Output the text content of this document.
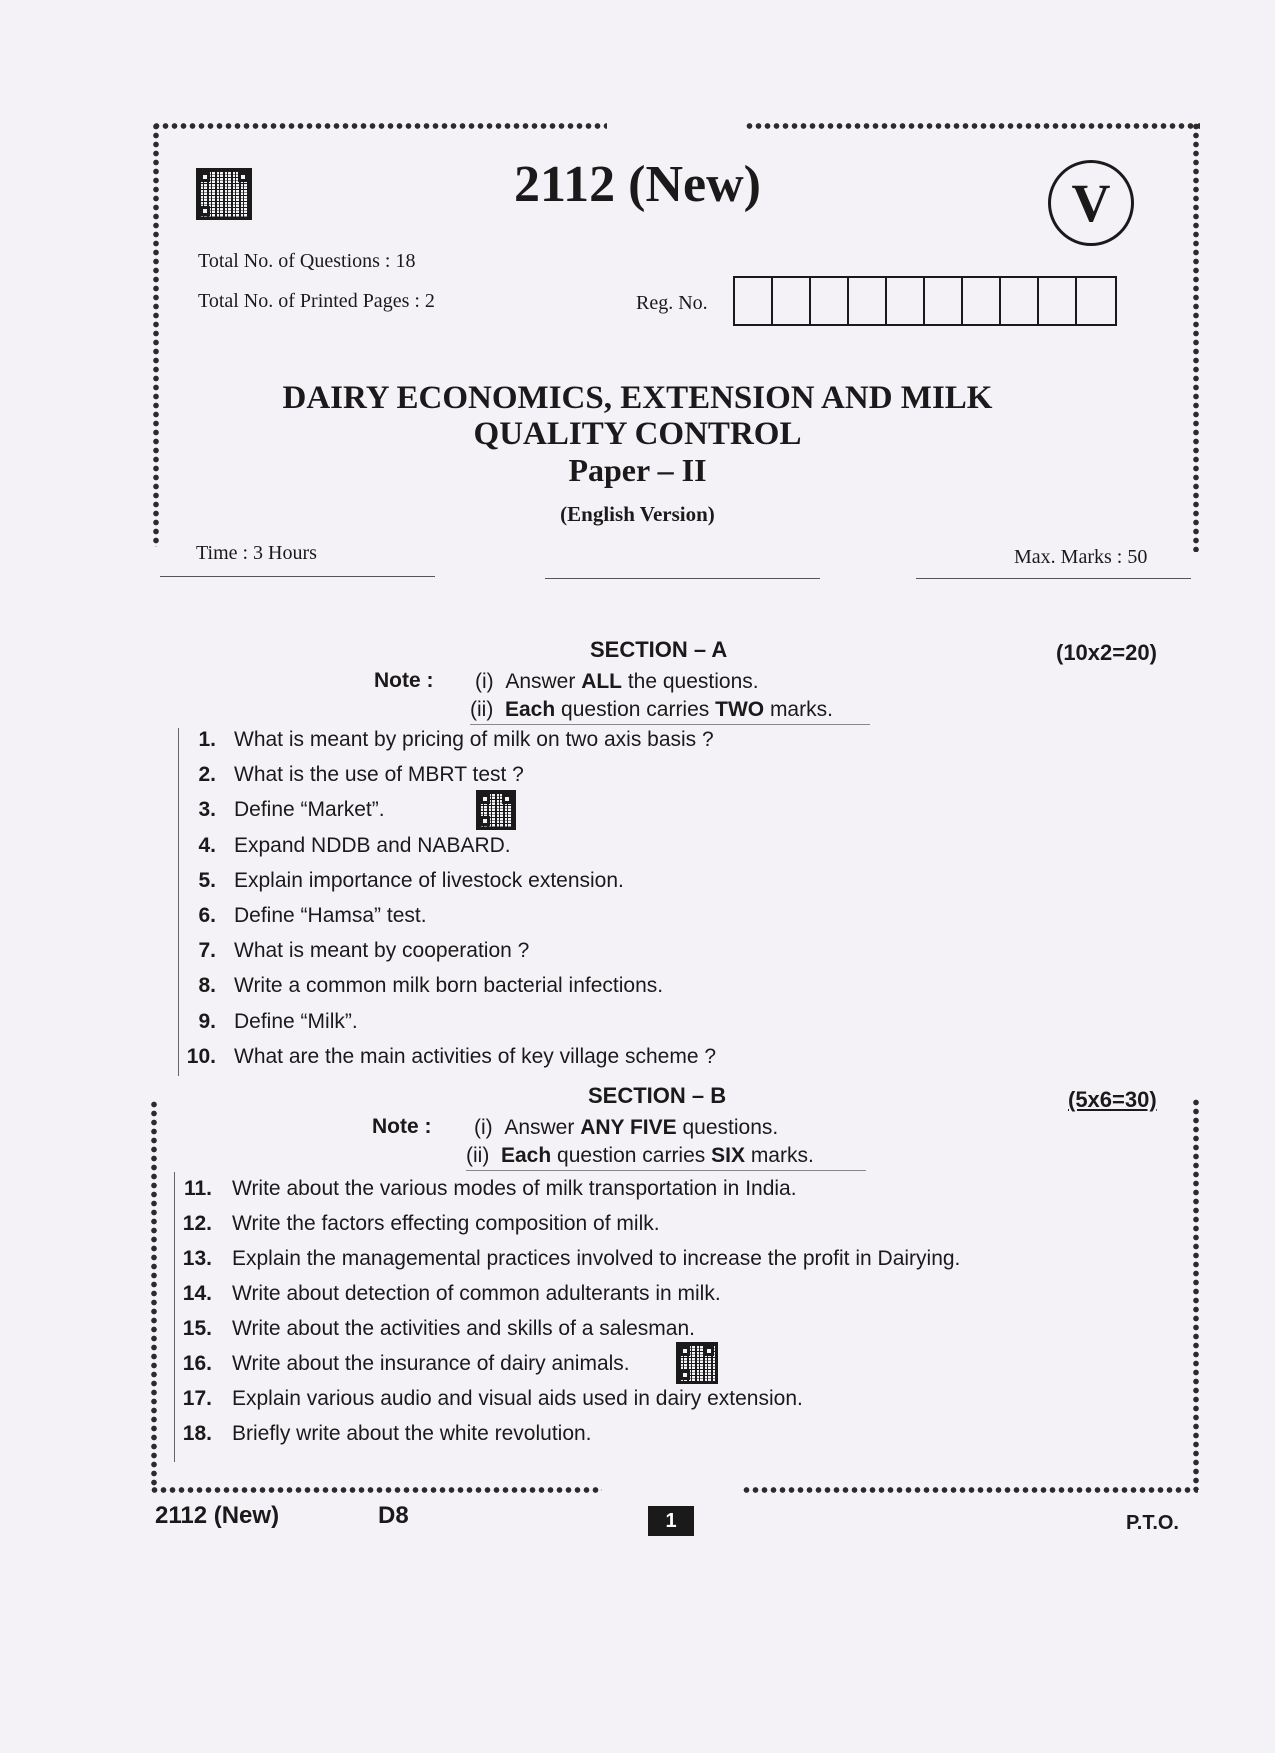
2112 (New)	V
Total No. of Questions : 18
Total No. of Printed Pages : 2	Reg. No.
DAIRY ECONOMICS, EXTENSION AND MILK
QUALITY CONTROL
Paper – II
(English Version)
Time : 3 Hours	Max. Marks : 50
SECTION – A	(10x2=20)
Note : (i) Answer ALL the questions.
(ii) Each question carries TWO marks.
1. What is meant by pricing of milk on two axis basis ?
2. What is the use of MBRT test ?
3. Define “Market”.
4. Expand NDDB and NABARD.
5. Explain importance of livestock extension.
6. Define “Hamsa” test.
7. What is meant by cooperation ?
8. Write a common milk born bacterial infections.
9. Define “Milk”.
10. What are the main activities of key village scheme ?
SECTION – B	(5x6=30)
Note : (i) Answer ANY FIVE questions.
(ii) Each question carries SIX marks.
11. Write about the various modes of milk transportation in India.
12. Write the factors effecting composition of milk.
13. Explain the managemental practices involved to increase the profit in Dairying.
14. Write about detection of common adulterants in milk.
15. Write about the activities and skills of a salesman.
16. Write about the insurance of dairy animals.
17. Explain various audio and visual aids used in dairy extension.
18. Briefly write about the white revolution.
2112 (New)	D8	1	P.T.O.
